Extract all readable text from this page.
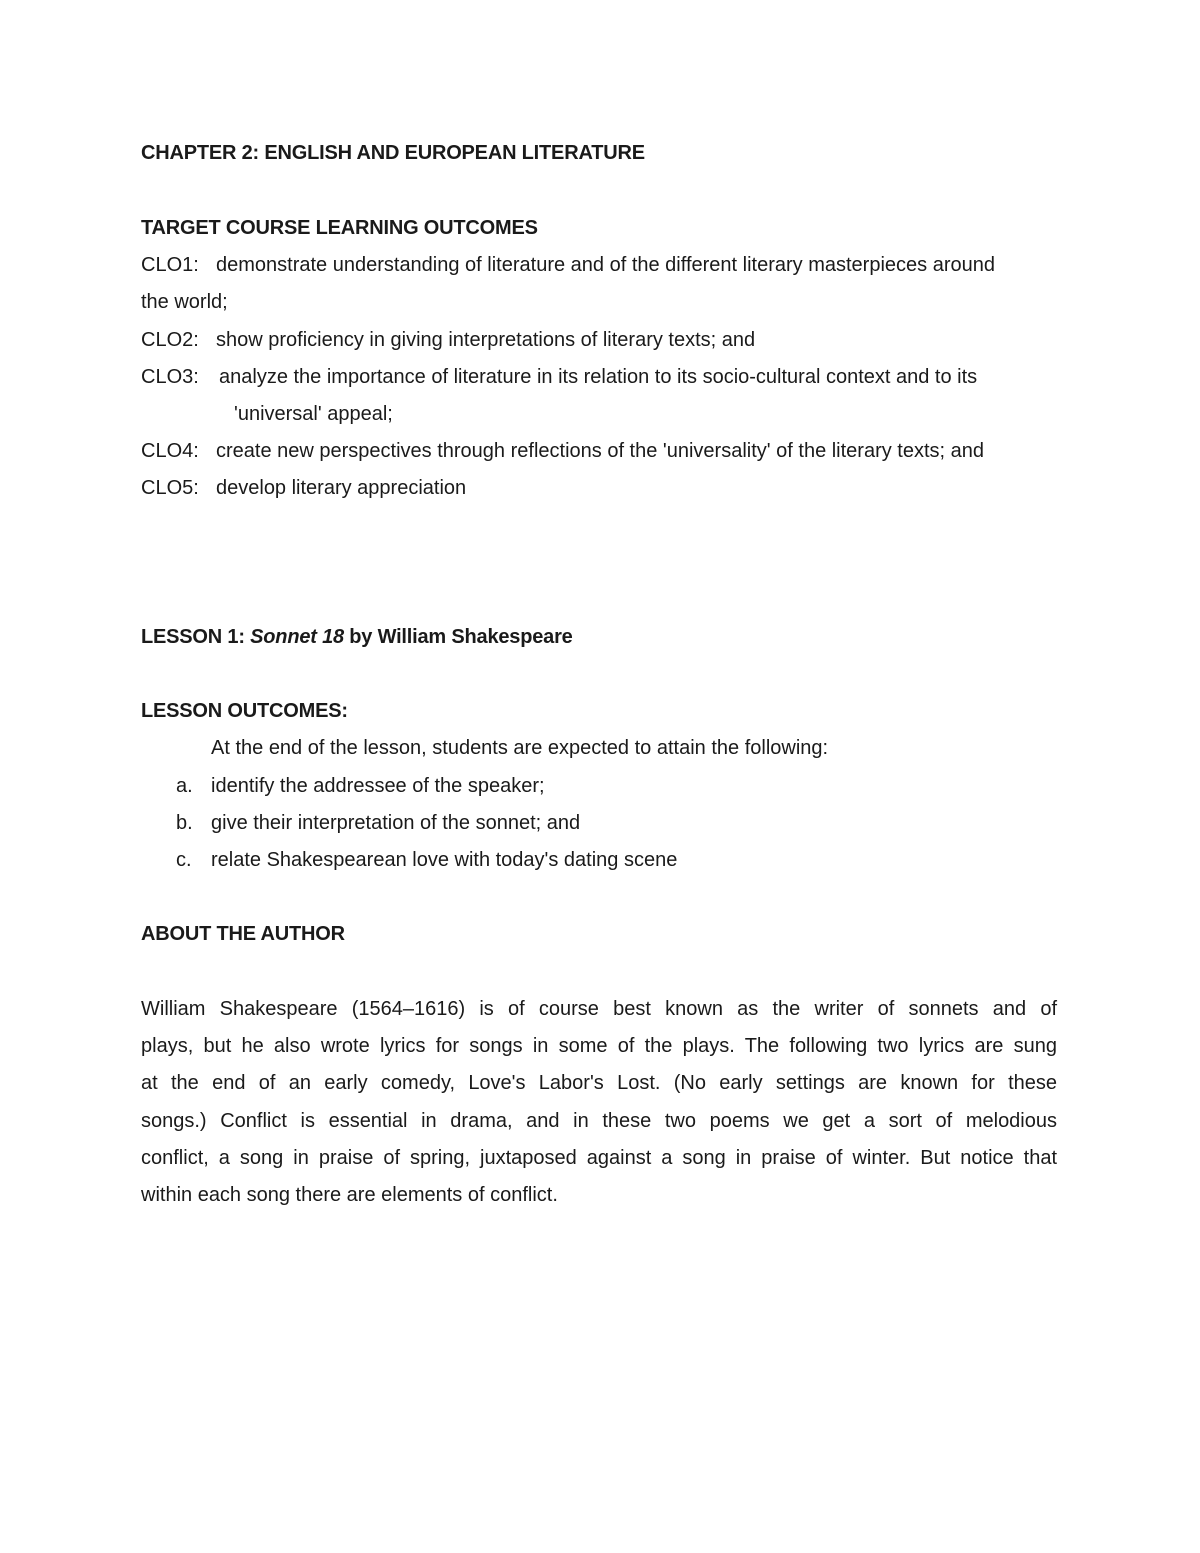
CHAPTER 2: ENGLISH AND EUROPEAN LITERATURE
TARGET COURSE LEARNING OUTCOMES
CLO1: demonstrate understanding of literature and of the different literary masterpieces around
the world;
CLO2: show proficiency in giving interpretations of literary texts; and
CLO3: analyze the importance of literature in its relation to its socio-cultural context and to its
'universal' appeal;
CLO4: create new perspectives through reflections of the 'universality' of the literary texts; and
CLO5: develop literary appreciation
LESSON 1: Sonnet 18 by William Shakespeare
LESSON OUTCOMES:
At the end of the lesson, students are expected to attain the following:
a. identify the addressee of the speaker;
b. give their interpretation of the sonnet; and
c. relate Shakespearean love with today's dating scene
ABOUT THE AUTHOR
William Shakespeare (1564–1616) is of course best known as the writer of sonnets and of
plays, but he also wrote lyrics for songs in some of the plays. The following two lyrics are sung
at the end of an early comedy, Love's Labor's Lost. (No early settings are known for these
songs.) Conflict is essential in drama, and in these two poems we get a sort of melodious
conflict, a song in praise of spring, juxtaposed against a song in praise of winter. But notice that
within each song there are elements of conflict.
